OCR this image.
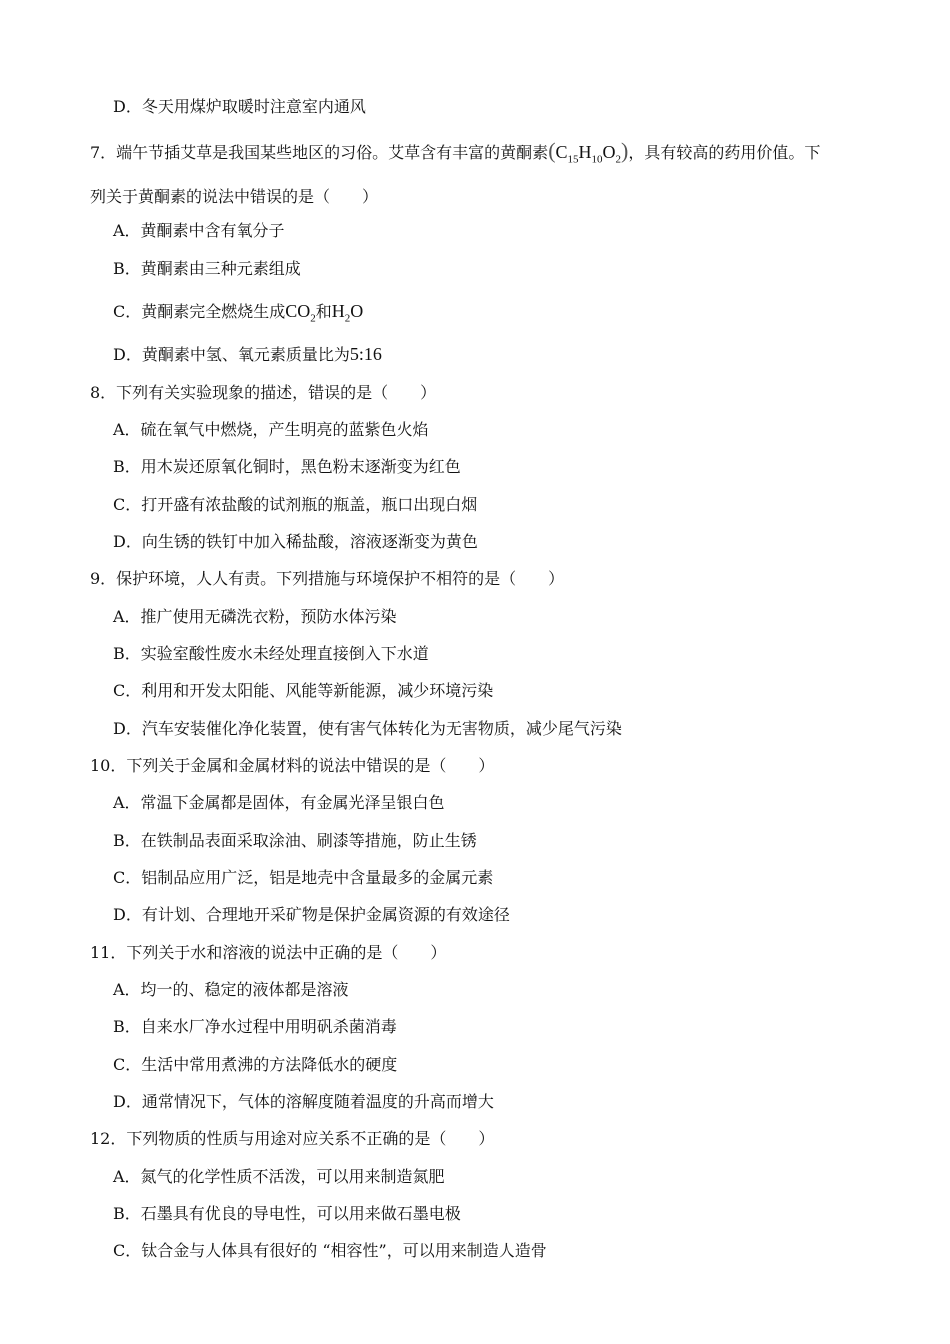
D．冬天用煤炉取暖时注意室内通风
7．端午节插艾草是我国某些地区的习俗。艾草含有丰富的黄酮素$(C_{15}H_{10}O_2)$，具有较高的药用价值。下
列关于黄酮素的说法中错误的是（　　）
A．黄酮素中含有氧分子
B．黄酮素由三种元素组成
C．黄酮素完全燃烧生成$CO_2$和$H_2O$
D．黄酮素中氢、氧元素质量比为5:16
8．下列有关实验现象的描述，错误的是（　　）
A．硫在氧气中燃烧，产生明亮的蓝紫色火焰
B．用木炭还原氧化铜时，黑色粉末逐渐变为红色
C．打开盛有浓盐酸的试剂瓶的瓶盖，瓶口出现白烟
D．向生锈的铁钉中加入稀盐酸，溶液逐渐变为黄色
9．保护环境，人人有责。下列措施与环境保护不相符的是（　　）
A．推广使用无磷洗衣粉，预防水体污染
B．实验室酸性废水未经处理直接倒入下水道
C．利用和开发太阳能、风能等新能源，减少环境污染
D．汽车安装催化净化装置，使有害气体转化为无害物质，减少尾气污染
10．下列关于金属和金属材料的说法中错误的是（　　）
A．常温下金属都是固体，有金属光泽呈银白色
B．在铁制品表面采取涂油、刷漆等措施，防止生锈
C．铝制品应用广泛，铝是地壳中含量最多的金属元素
D．有计划、合理地开采矿物是保护金属资源的有效途径
11．下列关于水和溶液的说法中正确的是（　　）
A．均一的、稳定的液体都是溶液
B．自来水厂净水过程中用明矾杀菌消毒
C．生活中常用煮沸的方法降低水的硬度
D．通常情况下，气体的溶解度随着温度的升高而增大
12．下列物质的性质与用途对应关系不正确的是（　　）
A．氮气的化学性质不活泼，可以用来制造氮肥
B．石墨具有优良的导电性，可以用来做石墨电极
C．钛合金与人体具有很好的 “相容性”，可以用来制造人造骨
